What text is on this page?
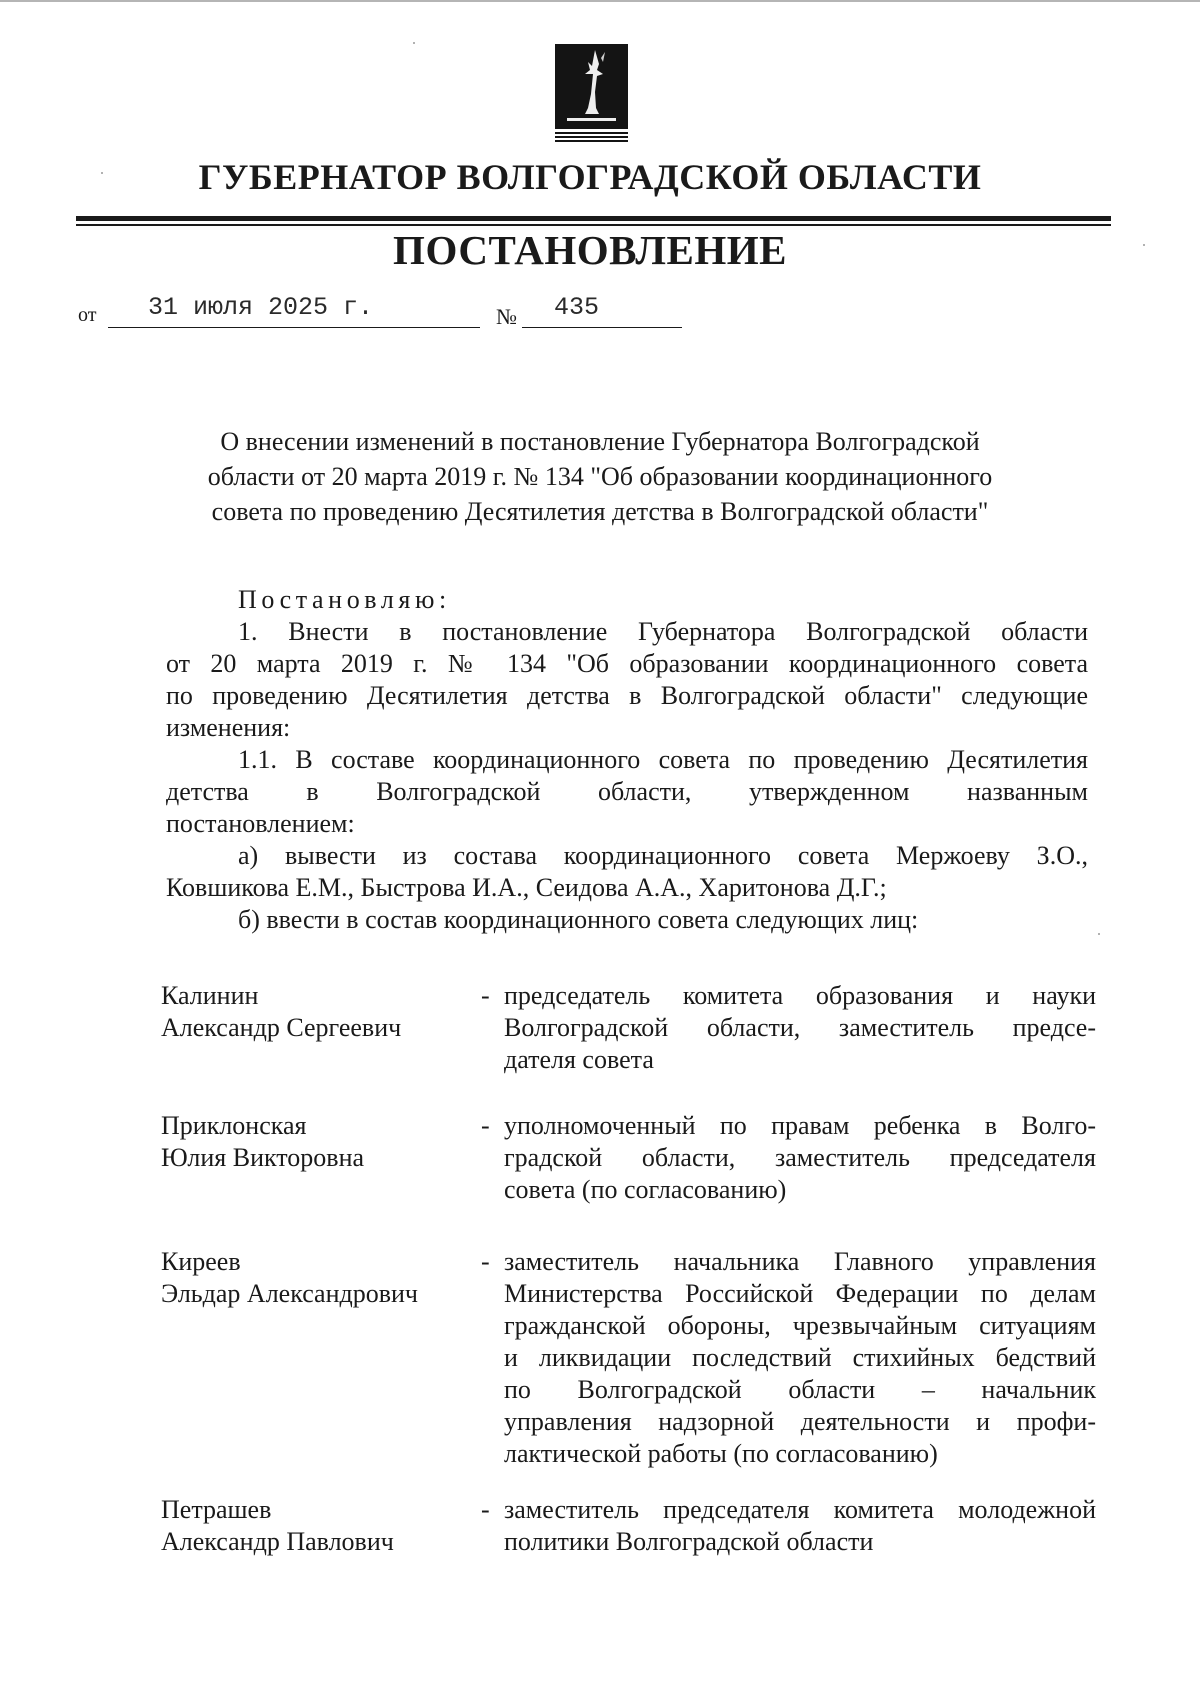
ГУБЕРНАТОР ВОЛГОГРАДСКОЙ ОБЛАСТИ
ПОСТАНОВЛЕНИЕ
от 31 июля 2025 г.	№ 435
О внесении изменений в постановление Губернатора Волгоградской
области от 20 марта 2019 г. № 134 "Об образовании координационного
совета по проведению Десятилетия детства в Волгоградской области"
Постановляю:
1. Внести в постановление Губернатора Волгоградской области
от 20 марта 2019 г. № 134 "Об образовании координационного совета
по проведению Десятилетия детства в Волгоградской области" следующие
изменения:
1.1. В составе координационного совета по проведению Десятилетия
детства в Волгоградской области, утвержденном названным
постановлением:
а) вывести из состава координационного совета Мержоеву З.О.,
Ковшикова Е.М., Быстрова И.А., Сеидова А.А., Харитонова Д.Г.;
б) ввести в состав координационного совета следующих лиц:
Калинин
Александр Сергеевич
- председатель комитета образования и науки
Волгоградской области, заместитель предсе-
дателя совета
Приклонская
Юлия Викторовна
- уполномоченный по правам ребенка в Волго-
градской области, заместитель председателя
совета (по согласованию)
Киреев
Эльдар Александрович
- заместитель начальника Главного управления
Министерства Российской Федерации по делам
гражданской обороны, чрезвычайным ситуациям
и ликвидации последствий стихийных бедствий
по Волгоградской области – начальник
управления надзорной деятельности и профи-
лактической работы (по согласованию)
Петрашев
Александр Павлович
- заместитель председателя комитета молодежной
политики Волгоградской области
